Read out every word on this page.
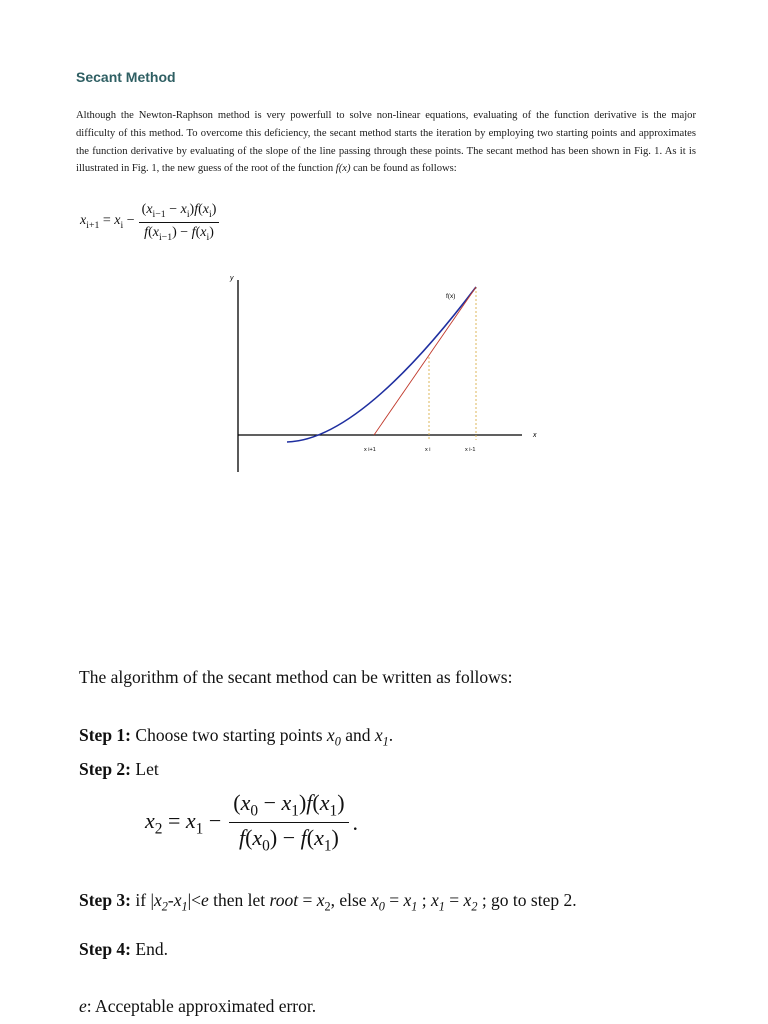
Secant Method
Although the Newton-Raphson method is very powerfull to solve non-linear equations, evaluating of the function derivative is the major difficulty of this method. To overcome this deficiency, the secant method starts the iteration by employing two starting points and approximates the function derivative by evaluating of the slope of the line passing through these points. The secant method has been shown in Fig. 1. As it is illustrated in Fig. 1, the new guess of the root of the function f(x) can be found as follows:
$x_{i+1} = x_i - \frac{(x_{i-1} - x_i)f(x_i)}{f(x_{i-1}) - f(x_i)}$
y
x
f(x)
x i+1	x i	x i-1
The algorithm of the secant method can be written as follows:
Step 1: Choose two starting points $x_0$ and $x_1$.
Step 2: Let
$x_2 = x_1 - \frac{(x_0 - x_1)f(x_1)}{f(x_0) - f(x_1)}$ .
Step 3: if $|x_2-x_1|<e$ then let root = $x_2$, else $x_0 = x_1$ ; $x_1 = x_2$ ; go to step 2.
Step 4: End.
e: Acceptable approximated error.
